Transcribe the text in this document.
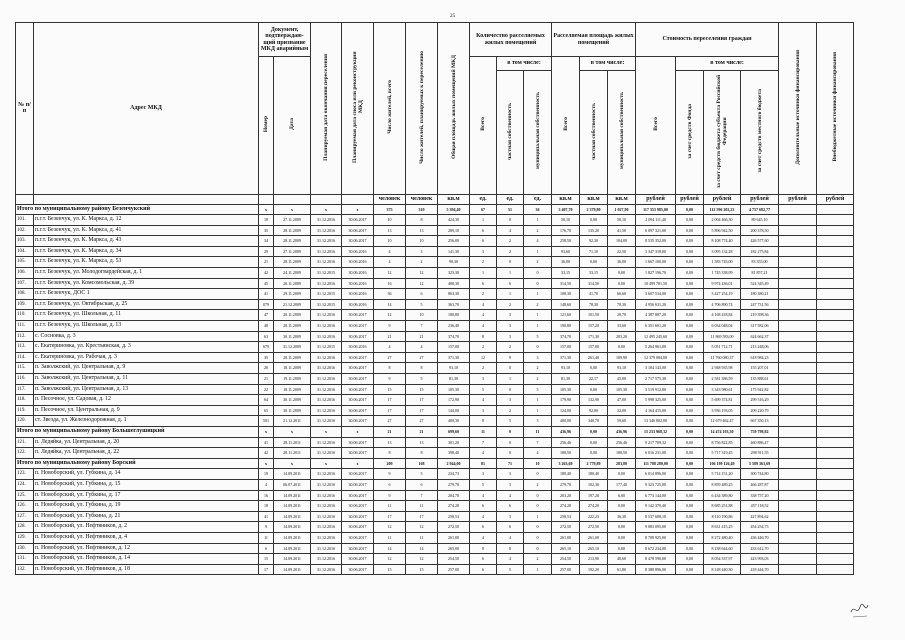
25
№ п/п	Адрес МКД	Документ, подтверждаю-щий признание МКД аварийным		Планируемая дата окончания переселения	Планируемая дата сноса или реконструкции МКД	Число жителей, всего	Число жителей, планируемых к переселению	Общая площадь жилых помещений МКД	Количество расселяемых жилых помещений			Расселяемая площадь жилых помещений			Стоимость переселения граждан				Дополнительные источники финансирования	Внебюджетные источники финансирования
		Номер	Дата						Всего	в том числе:		Всего	в том числе:		Всего	в том числе:				
										частная собственность	муниципальная собственность		частная собственность	муниципальная собственность		за счет средств Фонда	за счет средств бюджета субъекта Российской Федерации	за счет средств местного бюджета		
						человек	человек	кв.м	ед.	ед.	ед.	кв.м	кв.м	кв.м	рублей	рублей	рублей	рублей	рублей	рублей
Итого по муниципальному району Безенчукский		x	x	x	x	375	310	5 394,40	67	51	36	3 407,70	2 379,80	1 027,90	117 353 985,00	0,00	112 596 202,23	4 757 682,77		
101.	п.г.т. Безенчук, ул. К. Маркса, д. 12	18	27.11.2009	31.12.2016	30.06.2017	10	8	424,30	1	0	1	50,10	0,00	50,10	2 094 111,40	0,00	2 004 466,30	89 645,10		
102.	п.г.т. Безенчук, ул. К. Маркса, д. 41	35	28.11.2009	31.12.2016	30.06.2017	13	13	289,10	6	4	2	176,70	135,20	41,50	6 097 321,00	0,00	5 896 942,50	200 378,50		
103.	п.г.т. Безенчук, ул. К. Маркса, д. 43	34	28.11.2009	31.12.2016	30.06.2017	10	10	256,00	6	2	4	258,50	92,30	104,00	8 535 352,00	0,00	8 108 774,40	426 577,60		
104.	п.г.т. Безенчук, ул. К. Маркса, д. 34	29	27.11.2009	31.12.2016	30.06.2016	4	3	141,30	3	2	1	93,60	71,10	22,50	3 347 318,00	0,00	3 095 132,28	182 275,84		
105.	п.г.т. Безенчук, ул. К. Маркса, д. 53	21	28.11.2009	31.12.2016	30.06.2016	4	2	90,30	2	0	2	36,00	0,00	36,00	1 667 100,00	0,00	1 583 745,00	83 355,00		
106.	п.г.т. Безенчук, ул. Молодогвардейская, д. 1	42	24.11.2009	31.12.2015	30.06.2016	12	12	323,30	1	1	0	33,15	33,15	0,00	1 827 196,70	0,00	1 745 338,99	81 857,21		
107.	п.г.т. Безенчук, ул. Комсомольская, д. 39	45	26.11.2009	31.12.2016	30.06.2016	16	12	408,30	6	6	0	314,50	314,50	0,00	10 499 781,50	0,00	9 974 436,01	524 345,49		
108.	п.г.т. Безенчук, ДОС 1	41	29.11.2009	31.12.2015	30.06.2016	36	6	863,30	2	1	1	108,30	41,70	66,60	3 607 534,00	0,00	3 427 254,19	180 380,21		
109.	п.г.т. Безенчук, ул. Октябрьская, д. 25	079	21.12.2009	31.12.2015	30.06.2016	14	5	363,70	4	2	2	148,60	78,30	70,30	4 956 631,20	0,00	4 706 890,74	247 731,56		
110.	п.г.т. Безенчук, ул. Школьная, д. 11	47	20.11.2009	31.12.2016	30.06.2017	12	10	180,80	4	3	1	121,60	101,50	20,70	4 387 887,20	0,00	4 168 418,84	219 398,36		
111.	п.г.т. Безенчук, ул. Школьная, д. 13	48	20.11.2009	31.12.2016	30.06.2017	9	7	236,40	4	3	1	190,80	157,20	33,60	6 351 601,20	0,00	6 034 048,04	317 582,06		
112.	с. Сосновка, д. 3	63	30.11.2009	31.12.2016	30.06.2017	21	21	374,70	8	3	5	374,70	171,30	203,20	12 495 245,60	0,00	11 869 583,00	624 662,37		
113.	с. Екатериновка, ул. Крестьянская, д. 3	679	31.12.2009	31.12.2015	30.06.2016	4	4	157,00	2	2	0	157,00	157,00	0,00	5 264 961,00	0,00	5 051 712,71	213 248,06		
114.	с. Екатериновка, ул. Рабочая, д. 3	35	20.11.2009	31.12.2016	30.06.2017	27	27	371,30	12	9	3	371,30	261,40	109,90	12 379 084,00	0,00	11 760 080,37	618 984,23		
115.	п. Заволжский, ул. Центральная, д. 9	20	18.11.2009	31.12.2016	30.06.2017	8	8	93,10	2	0	2	93,10	0,00	93,10	3 104 143,00	0,00	2 948 935,98	155 207,01		
116.	п. Заволжский, ул. Центральная, д. 11	21	19.11.2009	31.12.2016	30.06.2017	9	5	81,30	3	1	2	81,30	22,17	45,00	2 717 575,30	0,00	2 581 386,59	135 888,61		
117.	п. Заволжский, ул. Центральная, д. 13	22	18.11.2009	31.12.2016	30.06.2017	15	15	105,30	5	0	5	105,30	0,00	105,30	3 519 912,80	0,00	3 343 980,61	175 942,82		
118.	п. Песочное, ул. Садовая, д. 12	64	30.11.2009	31.12.2016	30.06.2017	17	17	172,90	4	3	1	179,90	132,90	47,00	5 998 325,00	0,00	5 699 374,81	299 516,29		
119.	п. Песочное, ул. Центральная, д. 9	65	30.11.2009	31.12.2016	30.06.2017	17	17	144,00	3	2	1	124,00	92,00	32,00	4 164 415,00	0,00	3 936 193,05	209 220,79		
120.	ст. Звезда, ул. Железнодорожная, д. 1	501	21.12.2011	31.12.2016	30.06.2017	27	27	400,30	8	5	3	400,00	340,70	59,60	13 346 802,00	0,00	12 679 462,47	667 350,13		
Итого по муниципальному району Большеглушицкий		x	x	x	x	21	21	699,60	11	0	11	436,96	0,00	436,96	15 233 968,32	0,00	14 474 103,30	759 798,82		
121.	п. Ледяйка, ул. Центральная, д. 20	41	28.11.2011	31.12.2016	30.06.2017	13	13	301,20	7	0	7	256,46	0,00	256,46	9 217 709,32	0,00	8 756 822,85	460 886,47		
122.	п. Ледяйка, ул. Центральная, д. 22	42	28.11.2011	31.12.2016	30.06.2017	8	8	398,40	4	0	4	180,50	0,00	180,50	6 016 231,00	0,00	5 717 319,45	298 911,55		
Итого по муниципальному району Борский		x	x	x	x	209	168	2 944,00	81	71	10	3 263,69	2 779,89	283,80	111 788 280,00	0,00	106 199 126,49	5 589 363,69		
123.	п. Новоборский, ул. Губкина, д. 14	19	14.09.2011	31.12.2016	30.06.2017	9	5	234,73	3	3	0	180,40	180,40	0,00	6 014 896,00	0,00	5 714 151,20	300 744,80		
124.	п. Новоборский, ул. Губкина, д. 15	4	06.07.2011	31.12.2016	30.06.2017	6	6	279,70	5	3	2	279,70	102,30	177,40	9 323 725,00	0,00	8 859 489,25	466 287,87		
125.	п. Новоборский, ул. Губкина, д. 17	16	14.09.2011	31.12.2016	30.06.2017	9	7	204,70	4	4	0	203,20	197,20	6,00	6 773 144,00	0,00	6 434 389,80	338 757,20		
126.	п. Новоборский, ул. Губкина, д. 19	18	14.09.2011	31.12.2016	30.06.2017	11	11	274,20	6	6	0	274,20	274,20	0,00	9 142 370,40	0,00	8 685 251,88	457 118,52		
127.	п. Новоборский, ул. Губкина, д. 21	41	14.09.2011	31.12.2016	30.06.2017	17	17	258,53	4	3	1	258,53	222,23	36,30	8 537 608,10	0,00	8 110 190,86	427 894,62		
128.	п. Новоборский, ул. Нефтяников, д. 2	9	14.09.2011	31.12.2016	30.06.2017	12	12	272,50	6	6	0	272,50	272,50	0,00	9 083 095,00	0,00	8 631 415,25	454 254,75		
129.	п. Новоборский, ул. Нефтяников, д. 4	11	14.09.2011	31.12.2016	30.06.2017	11	11	261,00	4	4	0	261,00	261,00	0,00	8 708 925,00	0,00	8 272 480,40	436 446,70		
130.	п. Новоборский, ул. Нефтяников, д. 12	6	14.09.2011	31.12.2016	30.06.2017	14	14	265,00	8	8	0	265,10	265,10	0,00	8 672 234,00	0,00	8 238 644,60	433 612,70		
131.	п. Новоборский, ул. Нефтяников, д. 14	15	14.09.2011	31.12.2016	30.06.2017	12	12	254,50	6	4	2	254,50	213,90	40,60	8 478 590,00	0,00	8 054 537,97	423 993,03		
132.	п. Новоборский, ул. Нефтяников, д. 18	17	14.09.2011	31.12.2016	30.06.2017	15	15	257,00	6	5	1	257,00	192,20	61,80	8 388 896,00	0,00	8 148 440,30	418 444,70		
